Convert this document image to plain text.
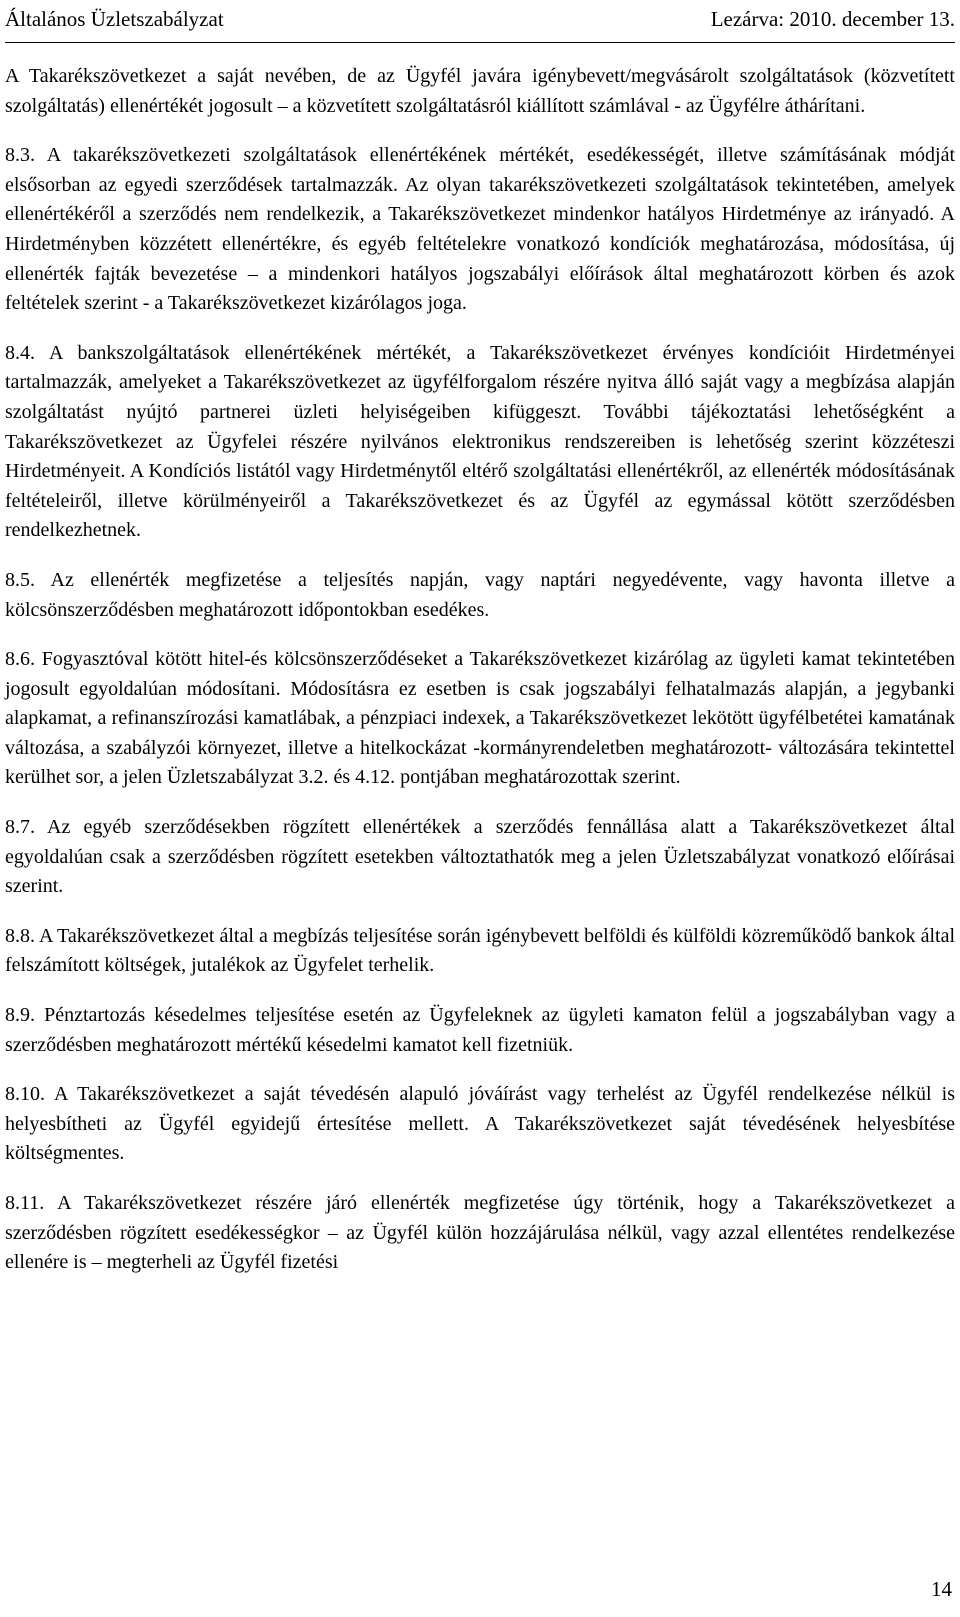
Általános Üzletszabályzat	Lezárva: 2010. december 13.

A Takarékszövetkezet a saját nevében, de az Ügyfél javára igénybevett/megvásárolt szolgáltatások (közvetített szolgáltatás) ellenértékét jogosult – a közvetített szolgáltatásról kiállított számlával - az Ügyfélre áthárítani.

8.3. A takarékszövetkezeti szolgáltatások ellenértékének mértékét, esedékességét, illetve számításának módját elsősorban az egyedi szerződések tartalmazzák. Az olyan takarékszövetkezeti szolgáltatások tekintetében, amelyek ellenértékéről a szerződés nem rendelkezik, a Takarékszövetkezet mindenkor hatályos Hirdetménye az irányadó. A Hirdetményben közzétett ellenértékre, és egyéb feltételekre vonatkozó kondíciók meghatározása, módosítása, új ellenérték fajták bevezetése – a mindenkori hatályos jogszabályi előírások által meghatározott körben és azok feltételek szerint - a Takarékszövetkezet kizárólagos joga.

8.4. A bankszolgáltatások ellenértékének mértékét, a Takarékszövetkezet érvényes kondícióit Hirdetményei tartalmazzák, amelyeket a Takarékszövetkezet az ügyfélforgalom részére nyitva álló saját vagy a megbízása alapján szolgáltatást nyújtó partnerei üzleti helyiségeiben kifüggeszt. További tájékoztatási lehetőségként a Takarékszövetkezet az Ügyfelei részére nyilvános elektronikus rendszereiben is lehetőség szerint közzéteszi Hirdetményeit. A Kondíciós listától vagy Hirdetménytől eltérő szolgáltatási ellenértékről, az ellenérték módosításának feltételeiről, illetve körülményeiről a Takarékszövetkezet és az Ügyfél az egymással kötött szerződésben rendelkezhetnek.

8.5. Az ellenérték megfizetése a teljesítés napján, vagy naptári negyedévente, vagy havonta illetve a kölcsönszerződésben meghatározott időpontokban esedékes.

8.6. Fogyasztóval kötött hitel-és kölcsönszerződéseket a Takarékszövetkezet kizárólag az ügyleti kamat tekintetében jogosult egyoldalúan módosítani. Módosításra ez esetben is csak jogszabályi felhatalmazás alapján, a jegybanki alapkamat, a refinanszírozási kamatlábak, a pénzpiaci indexek, a Takarékszövetkezet lekötött ügyfélbetétei kamatának változása, a szabályzói környezet, illetve a hitelkockázat -kormányrendeletben meghatározott- változására tekintettel kerülhet sor, a jelen Üzletszabályzat 3.2. és 4.12. pontjában meghatározottak szerint.

8.7. Az egyéb szerződésekben rögzített ellenértékek a szerződés fennállása alatt a Takarékszövetkezet által egyoldalúan csak a szerződésben rögzített esetekben változtathatók meg a jelen Üzletszabályzat vonatkozó előírásai szerint.

8.8. A Takarékszövetkezet által a megbízás teljesítése során igénybevett belföldi és külföldi közreműködő bankok által felszámított költségek, jutalékok az Ügyfelet terhelik.

8.9. Pénztartozás késedelmes teljesítése esetén az Ügyfeleknek az ügyleti kamaton felül a jogszabályban vagy a szerződésben meghatározott mértékű késedelmi kamatot kell fizetniük.

8.10. A Takarékszövetkezet a saját tévedésén alapuló jóváírást vagy terhelést az Ügyfél rendelkezése nélkül is helyesbítheti az Ügyfél egyidejű értesítése mellett. A Takarékszövetkezet saját tévedésének helyesbítése költségmentes.

8.11. A Takarékszövetkezet részére járó ellenérték megfizetése úgy történik, hogy a Takarékszövetkezet a szerződésben rögzített esedékességkor – az Ügyfél külön hozzájárulása nélkül, vagy azzal ellentétes rendelkezése ellenére is – megterheli az Ügyfél fizetési

14
